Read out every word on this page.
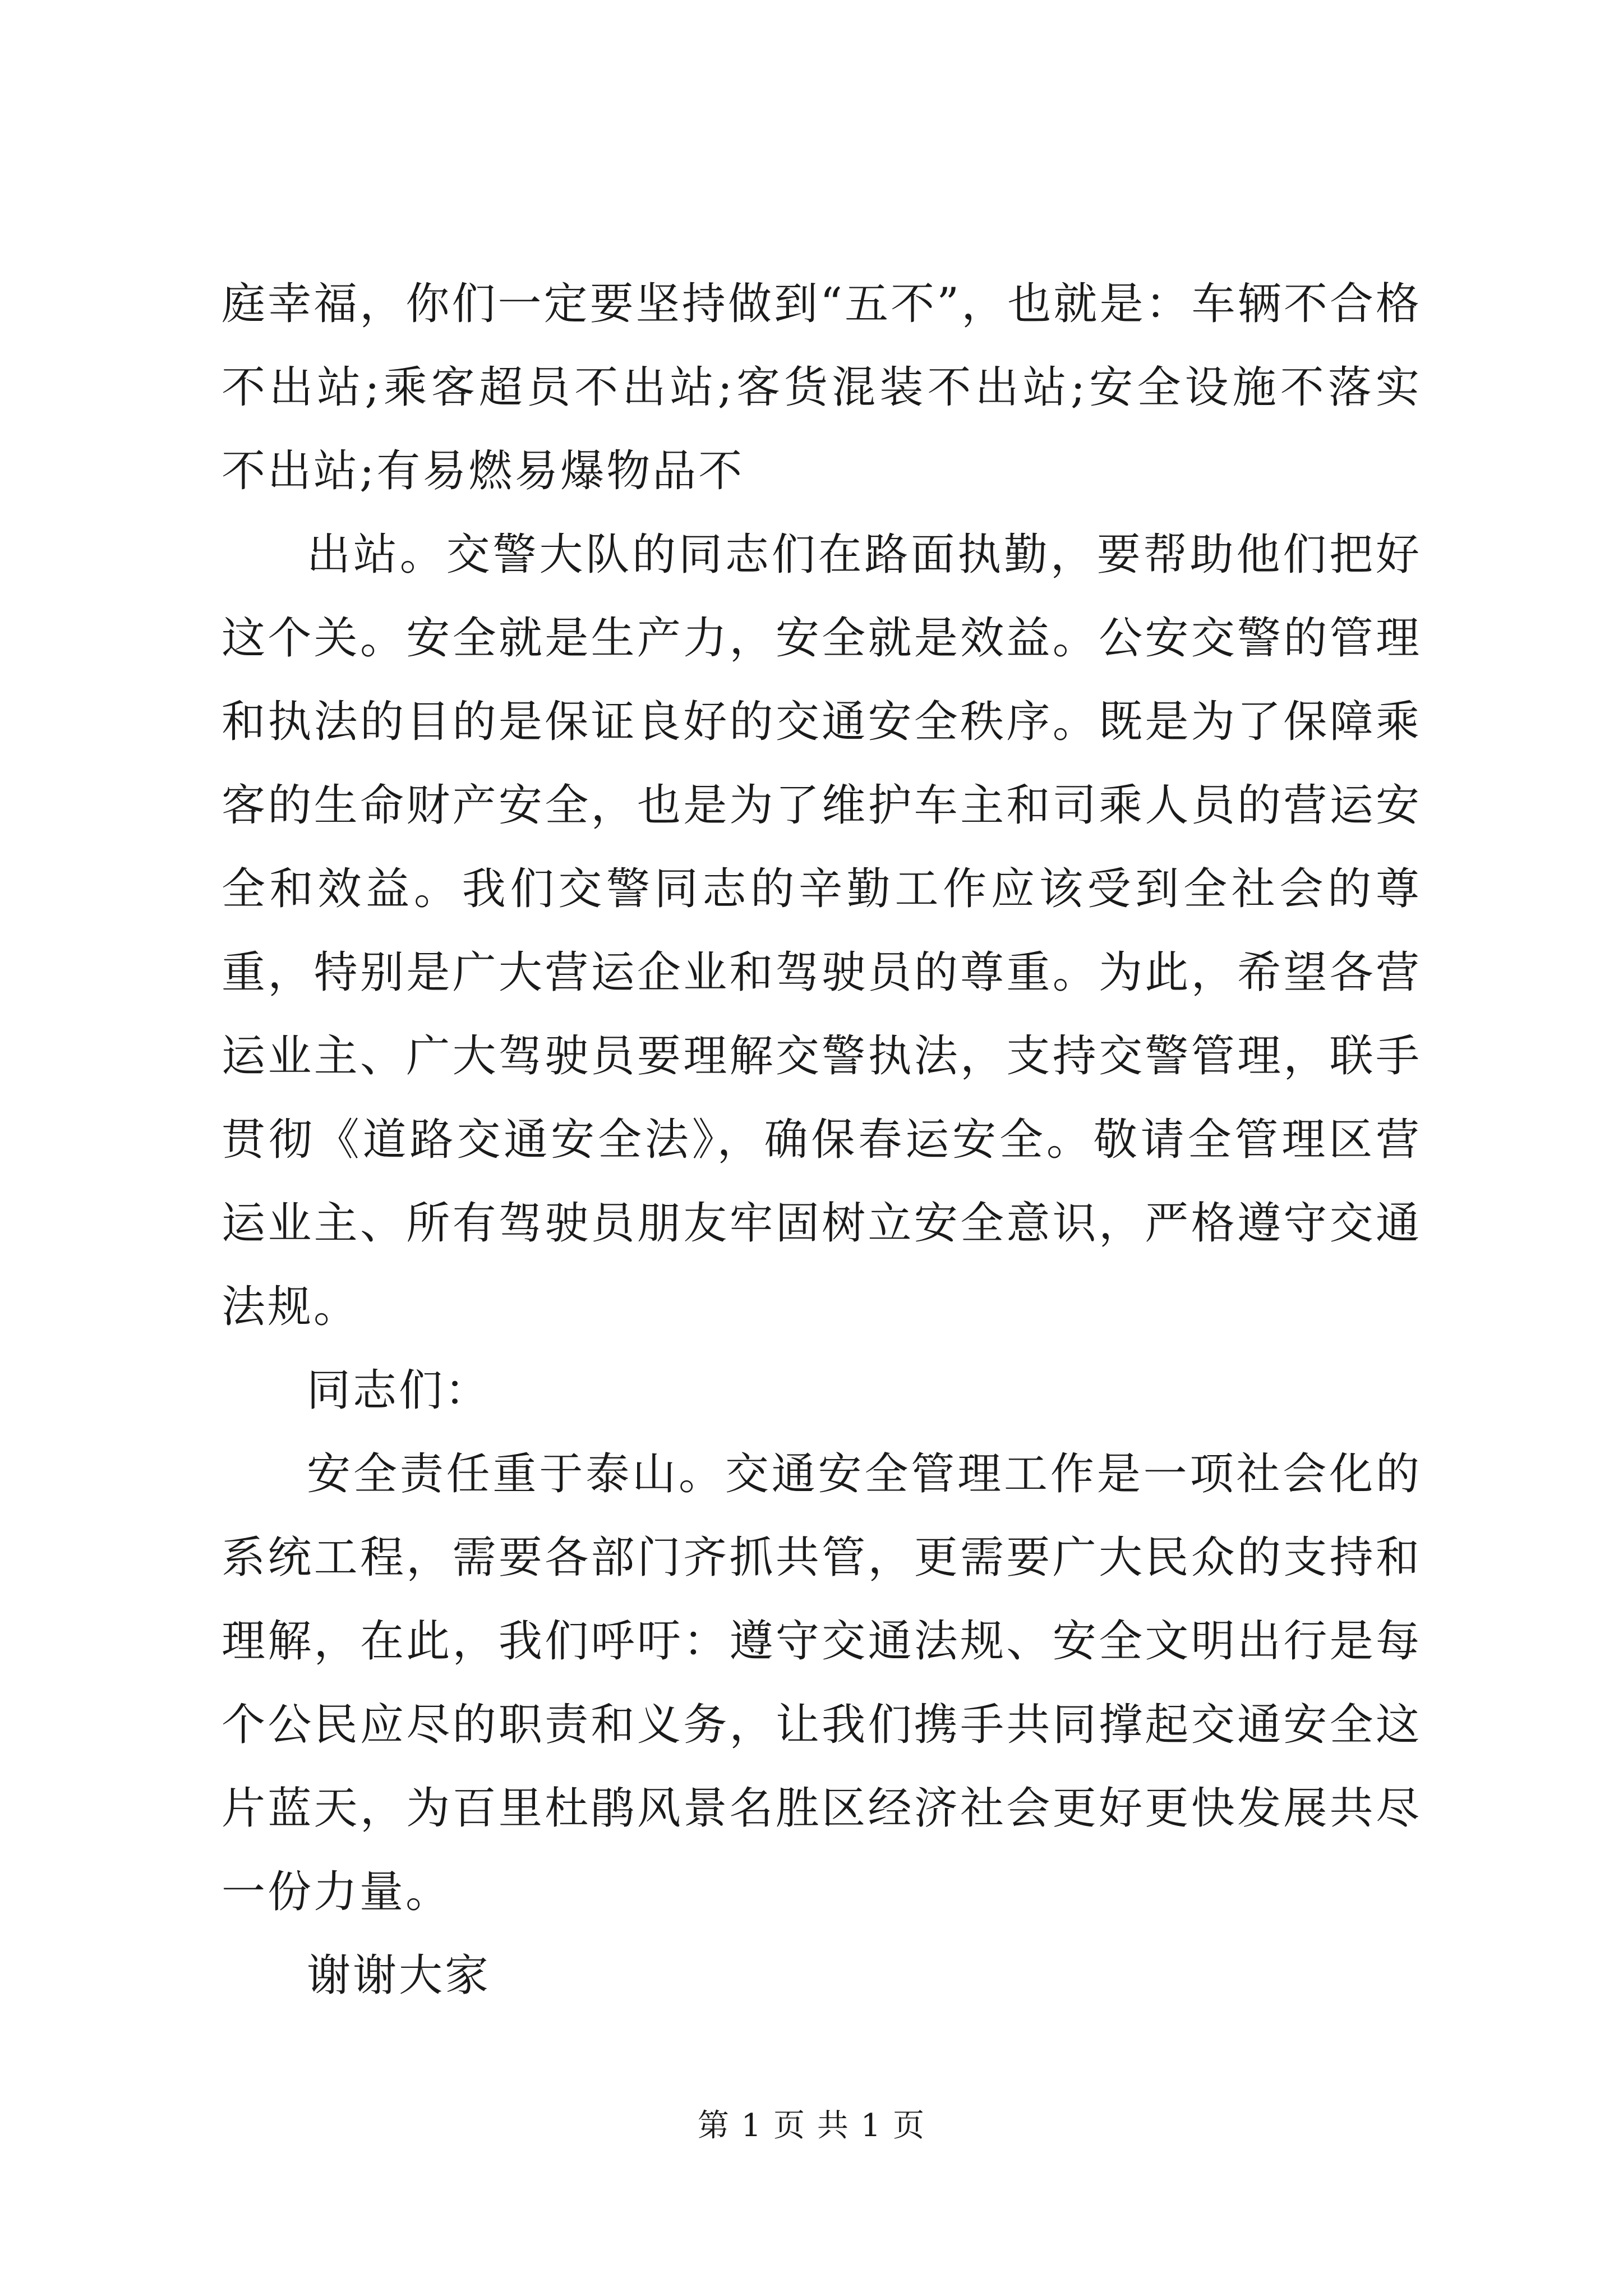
庭幸福，你们一定要坚持做到“五不”，也就是：车辆不合格不出站;乘客超员不出站;客货混装不出站;安全设施不落实不出站;有易燃易爆物品不

出站。交警大队的同志们在路面执勤，要帮助他们把好这个关。安全就是生产力，安全就是效益。公安交警的管理和执法的目的是保证良好的交通安全秩序。既是为了保障乘客的生命财产安全，也是为了维护车主和司乘人员的营运安全和效益。我们交警同志的辛勤工作应该受到全社会的尊重，特别是广大营运企业和驾驶员的尊重。为此，希望各营运业主、广大驾驶员要理解交警执法，支持交警管理，联手贯彻《道路交通安全法》，确保春运安全。敬请全管理区营运业主、所有驾驶员朋友牢固树立安全意识，严格遵守交通法规。

同志们：

安全责任重于泰山。交通安全管理工作是一项社会化的系统工程，需要各部门齐抓共管，更需要广大民众的支持和理解，在此，我们呼吁：遵守交通法规、安全文明出行是每个公民应尽的职责和义务，让我们携手共同撑起交通安全这片蓝天，为百里杜鹃风景名胜区经济社会更好更快发展共尽一份力量。

谢谢大家

第 1 页 共 1 页
